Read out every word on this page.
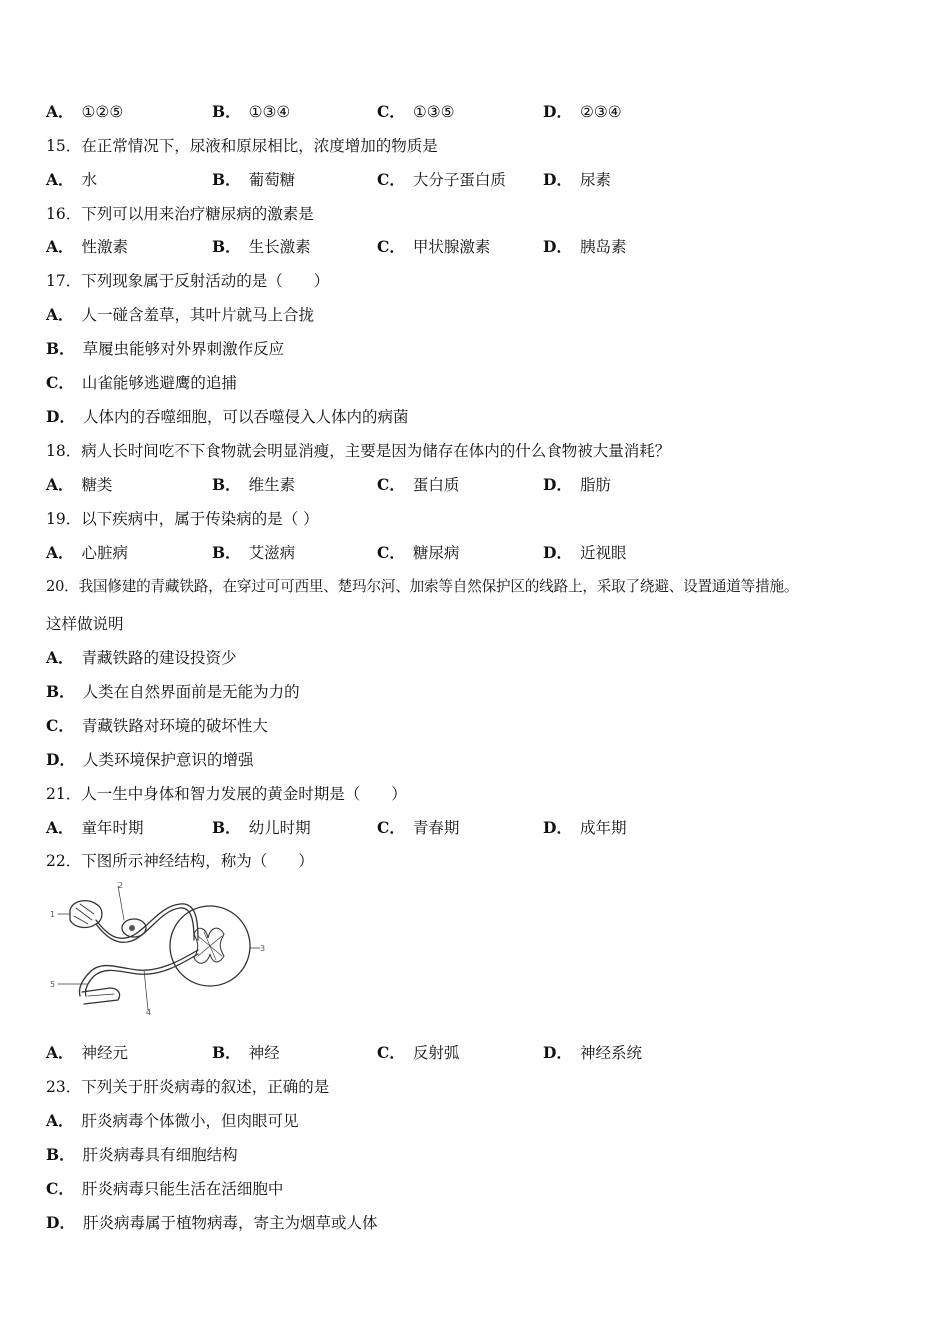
A． ①②⑤	B． ①③④	C． ①③⑤	D． ②③④
15．在正常情况下，尿液和原尿相比，浓度增加的物质是
A． 水	B． 葡萄糖	C． 大分子蛋白质 D． 尿素
16．下列可以用来治疗糖尿病的激素是
A． 性激素	B． 生长激素	C． 甲状腺激素	D． 胰岛素
17．下列现象属于反射活动的是（　　）
A． 人一碰含羞草，其叶片就马上合拢
B． 草履虫能够对外界刺激作反应
C． 山雀能够逃避鹰的追捕
D． 人体内的吞噬细胞，可以吞噬侵入人体内的病菌
18．病人长时间吃不下食物就会明显消瘦，主要是因为储存在体内的什么食物被大量消耗？
A． 糖类	B． 维生素	C． 蛋白质	D． 脂肪
19．以下疾病中，属于传染病的是（ ）
A． 心脏病	B． 艾滋病	C． 糖尿病	D． 近视眼
20．我国修建的青藏铁路，在穿过可可西里、楚玛尔河、加索等自然保护区的线路上，采取了绕避、设置通道等措施。
这样做说明
A． 青藏铁路的建设投资少
B． 人类在自然界面前是无能为力的
C． 青藏铁路对环境的破坏性大
D． 人类环境保护意识的增强
21．人一生中身体和智力发展的黄金时期是（　　）
A． 童年时期	B． 幼儿时期	C． 青春期	D． 成年期
22．下图所示神经结构，称为（　　）
1
2
3
4
5
A． 神经元	B． 神经	C． 反射弧	D． 神经系统
23．下列关于肝炎病毒的叙述，正确的是
A． 肝炎病毒个体微小，但肉眼可见
B． 肝炎病毒具有细胞结构
C． 肝炎病毒只能生活在活细胞中
D． 肝炎病毒属于植物病毒，寄主为烟草或人体
